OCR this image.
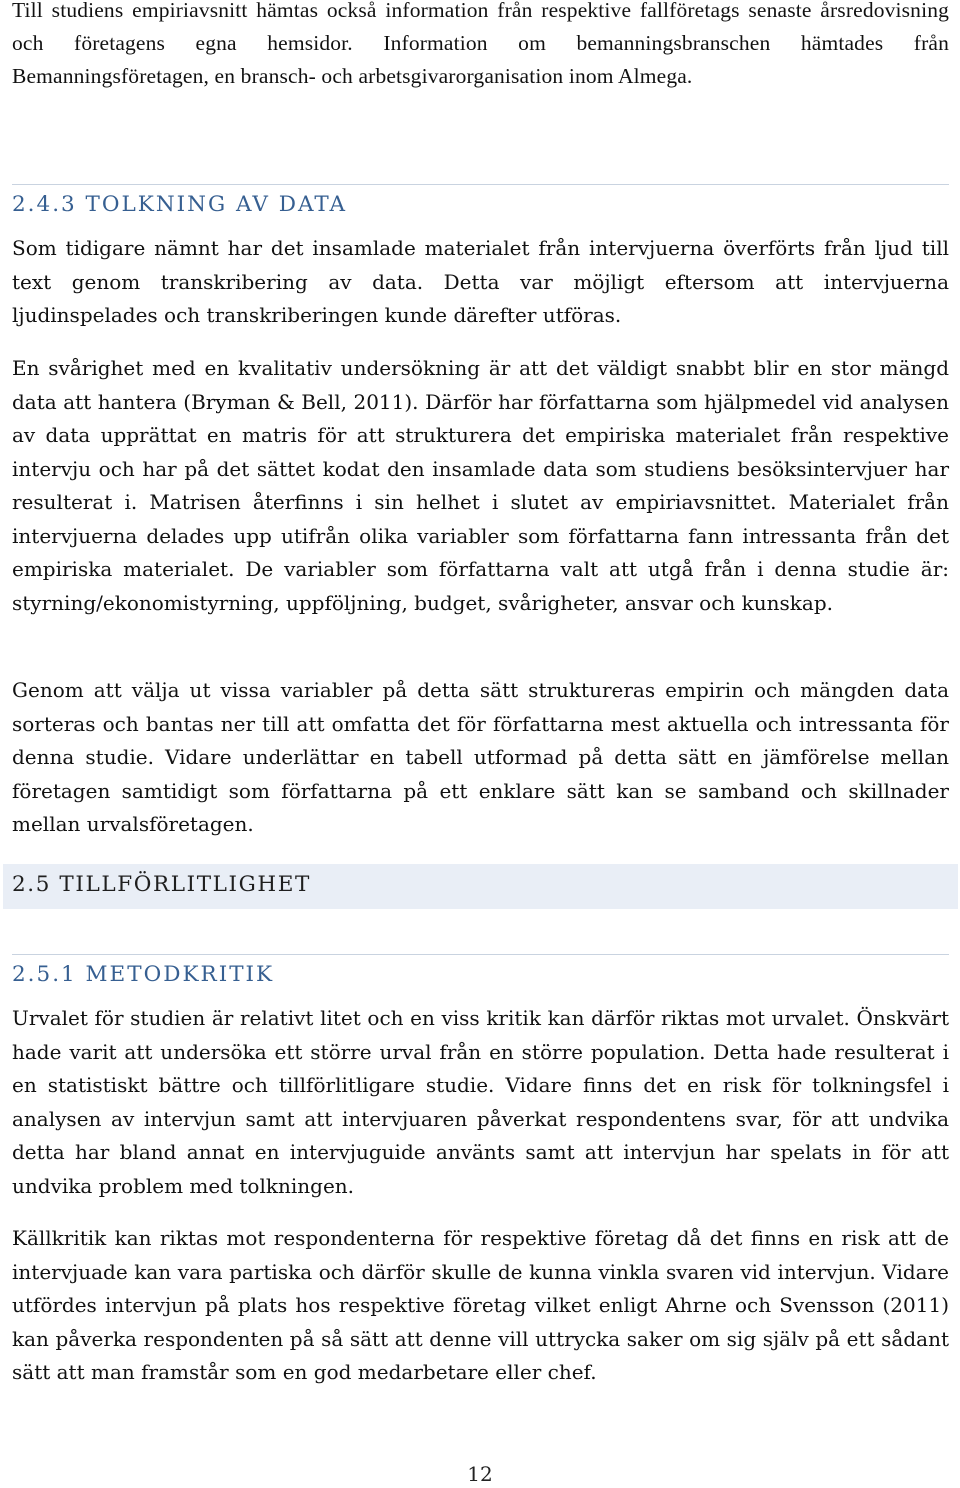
Till studiens empiriavsnitt hämtas också information från respektive fallföretags senaste årsredovisning och företagens egna hemsidor. Information om bemanningsbranschen hämtades från Bemanningsföretagen, en bransch- och arbetsgivarorganisation inom Almega.

2.4.3 TOLKNING AV DATA

Som tidigare nämnt har det insamlade materialet från intervjuerna överförts från ljud till text genom transkribering av data. Detta var möjligt eftersom att intervjuerna ljudinspelades och transkriberingen kunde därefter utföras.

En svårighet med en kvalitativ undersökning är att det väldigt snabbt blir en stor mängd data att hantera (Bryman & Bell, 2011). Därför har författarna som hjälpmedel vid analysen av data upprättat en matris för att strukturera det empiriska materialet från respektive intervju och har på det sättet kodat den insamlade data som studiens besöksintervjuer har resulterat i. Matrisen återfinns i sin helhet i slutet av empiriavsnittet. Materialet från intervjuerna delades upp utifrån olika variabler som författarna fann intressanta från det empiriska materialet. De variabler som författarna valt att utgå från i denna studie är: styrning/ekonomistyrning, uppföljning, budget, svårigheter, ansvar och kunskap.

Genom att välja ut vissa variabler på detta sätt struktureras empirin och mängden data sorteras och bantas ner till att omfatta det för författarna mest aktuella och intressanta för denna studie. Vidare underlättar en tabell utformad på detta sätt en jämförelse mellan företagen samtidigt som författarna på ett enklare sätt kan se samband och skillnader mellan urvalsföretagen.

2.5 TILLFÖRLITLIGHET
2.5.1 METODKRITIK

Urvalet för studien är relativt litet och en viss kritik kan därför riktas mot urvalet. Önskvärt hade varit att undersöka ett större urval från en större population. Detta hade resulterat i en statistiskt bättre och tillförlitligare studie. Vidare finns det en risk för tolkningsfel i analysen av intervjun samt att intervjuaren påverkat respondentens svar, för att undvika detta har bland annat en intervjuguide använts samt att intervjun har spelats in för att undvika problem med tolkningen.

Källkritik kan riktas mot respondenterna för respektive företag då det finns en risk att de intervjuade kan vara partiska och därför skulle de kunna vinkla svaren vid intervjun. Vidare utfördes intervjun på plats hos respektive företag vilket enligt Ahrne och Svensson (2011) kan påverka respondenten på så sätt att denne vill uttrycka saker om sig själv på ett sådant sätt att man framstår som en god medarbetare eller chef.

12
